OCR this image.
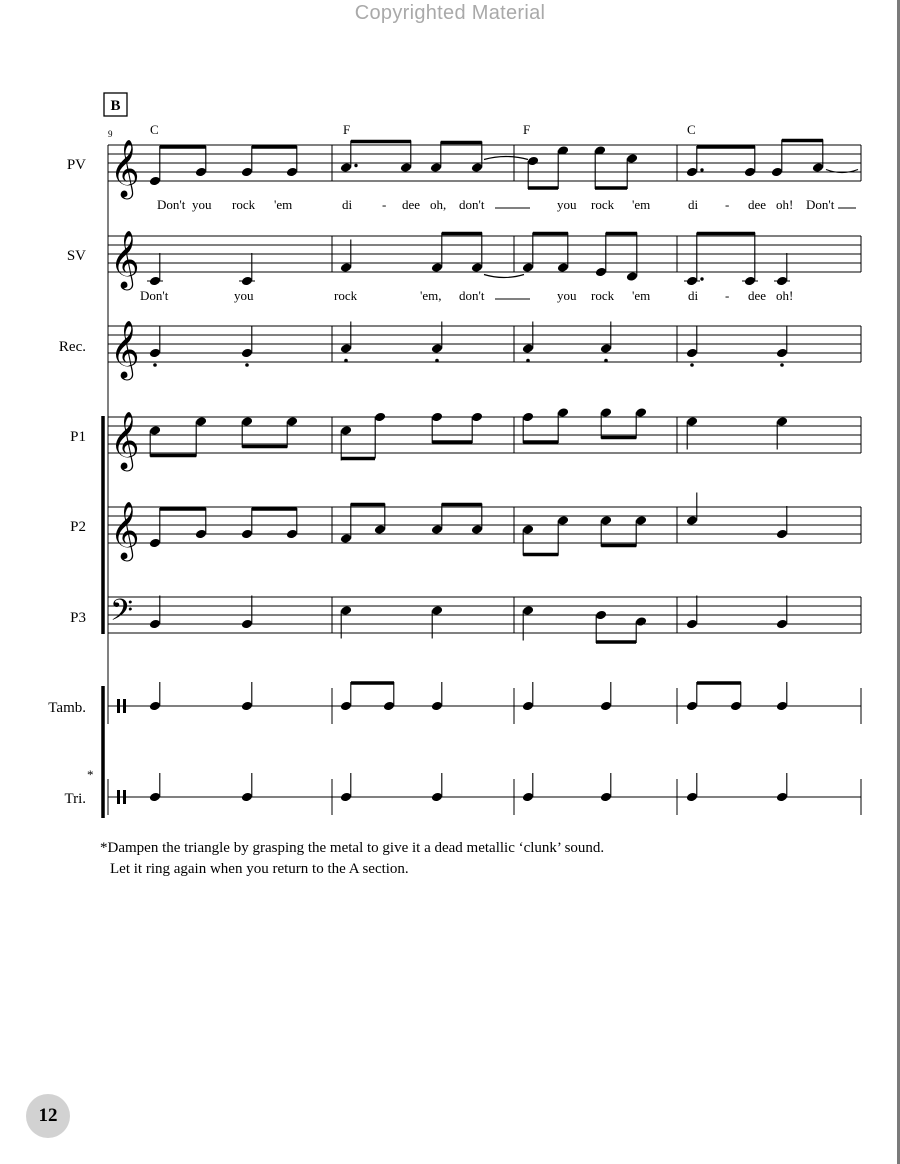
Copyrighted Material
B
9	C	F	F	C
PV
SV
Rec.
P1
P2
P3
Tamb.
Tri.
*
𝄞
𝄞
𝄞
𝄞
𝄞
𝄢
Don't you rock 'em	di - dee oh, don't	you rock 'em	di - dee oh! Don't
Don't	you	rock	'em, don't	you rock 'em	di - dee oh!
*Dampen the triangle by grasping the metal to give it a dead metallic ‘clunk’ sound.
Let it ring again when you return to the A section.
12
